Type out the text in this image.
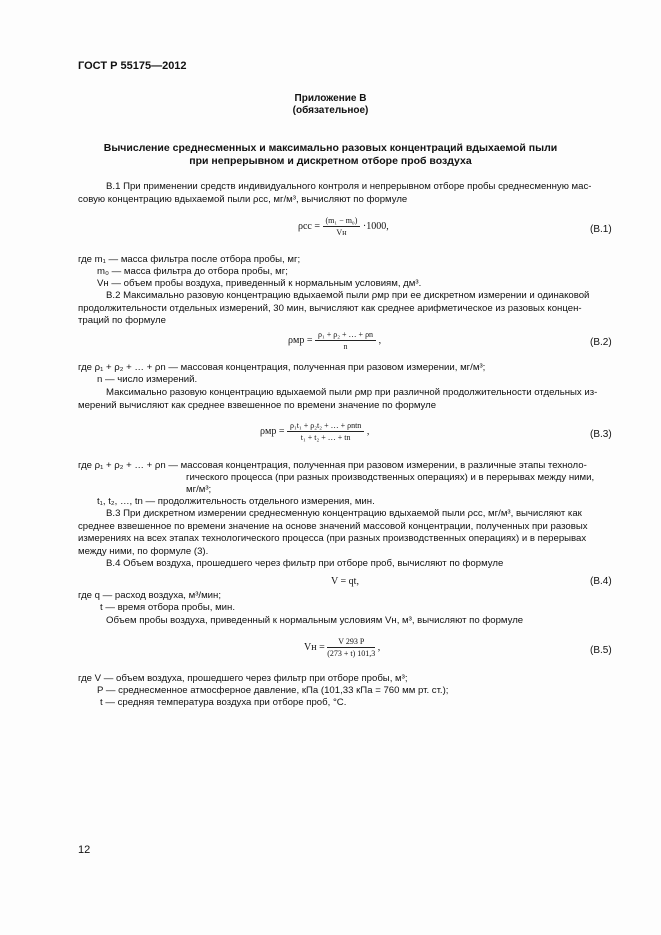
ГОСТ Р 55175—2012
Приложение В
(обязательное)
Вычисление среднесменных и максимально разовых концентраций вдыхаемой пыли
при непрерывном и дискретном отборе проб воздуха
В.1 При применении средств индивидуального контроля и непрерывном отборе пробы среднесменную мас-
совую концентрацию вдыхаемой пыли ρсс, мг/м³, вычисляют по формуле
$\rho сс = \frac{\text{(m₁ − m₀)}}{Vн} \cdot 1000$,	(В.1)
где m₁ — масса фильтра после отбора пробы, мг;
m₀ — масса фильтра до отбора пробы, мг;
Vн — объем пробы воздуха, приведенный к нормальным условиям, дм³.
В.2 Максимально разовую концентрацию вдыхаемой пыли ρмр при ее дискретном измерении и одинаковой
продолжительности отдельных измерений, 30 мин, вычисляют как среднее арифметическое из разовых концен-
траций по формуле
$\rho мр = \frac{\text{ρ₁ + ρ₂ + … + ρn}}{n}$ ,	(В.2)
где ρ₁ + ρ₂ + … + ρn — массовая концентрация, полученная при разовом измерении, мг/м³;
n — число измерений.
Максимально разовую концентрацию вдыхаемой пыли ρмр при различной продолжительности отдельных из-
мерений вычисляют как среднее взвешенное по времени значение по формуле
$\rho мр = \frac{\text{ρ₁t₁ + ρ₂t₂ + … + ρntn}}{\text{t₁ + t₂ + … + tn}}$ ,	(В.3)
где ρ₁ + ρ₂ + … + ρn — массовая концентрация, полученная при разовом измерении, в различные этапы техноло-
гического процесса (при разных производственных операциях) и в перерывах между ними,
мг/м³;
t₁, t₂, …, tn — продолжительность отдельного измерения, мин.
В.3 При дискретном измерении среднесменную концентрацию вдыхаемой пыли ρсс, мг/м³, вычисляют как
среднее взвешенное по времени значение на основе значений массовой концентрации, полученных при разовых
измерениях на всех этапах технологического процесса (при разных производственных операциях) и в перерывах
между ними, по формуле (3).
В.4 Объем воздуха, прошедшего через фильтр при отборе проб, вычисляют по формуле
V = qt,	(В.4)
где q — расход воздуха, м³/мин;
t — время отбора пробы, мин.
Объем пробы воздуха, приведенный к нормальным условиям Vн, м³, вычисляют по формуле
Vн = $\frac{V 293 P}{(273 + t) 101,3}$ ,	(В.5)
где V — объем воздуха, прошедшего через фильтр при отборе пробы, м³;
P — среднесменное атмосферное давление, кПа (101,33 кПа = 760 мм рт. ст.);
t — средняя температура воздуха при отборе проб, °С.
12
